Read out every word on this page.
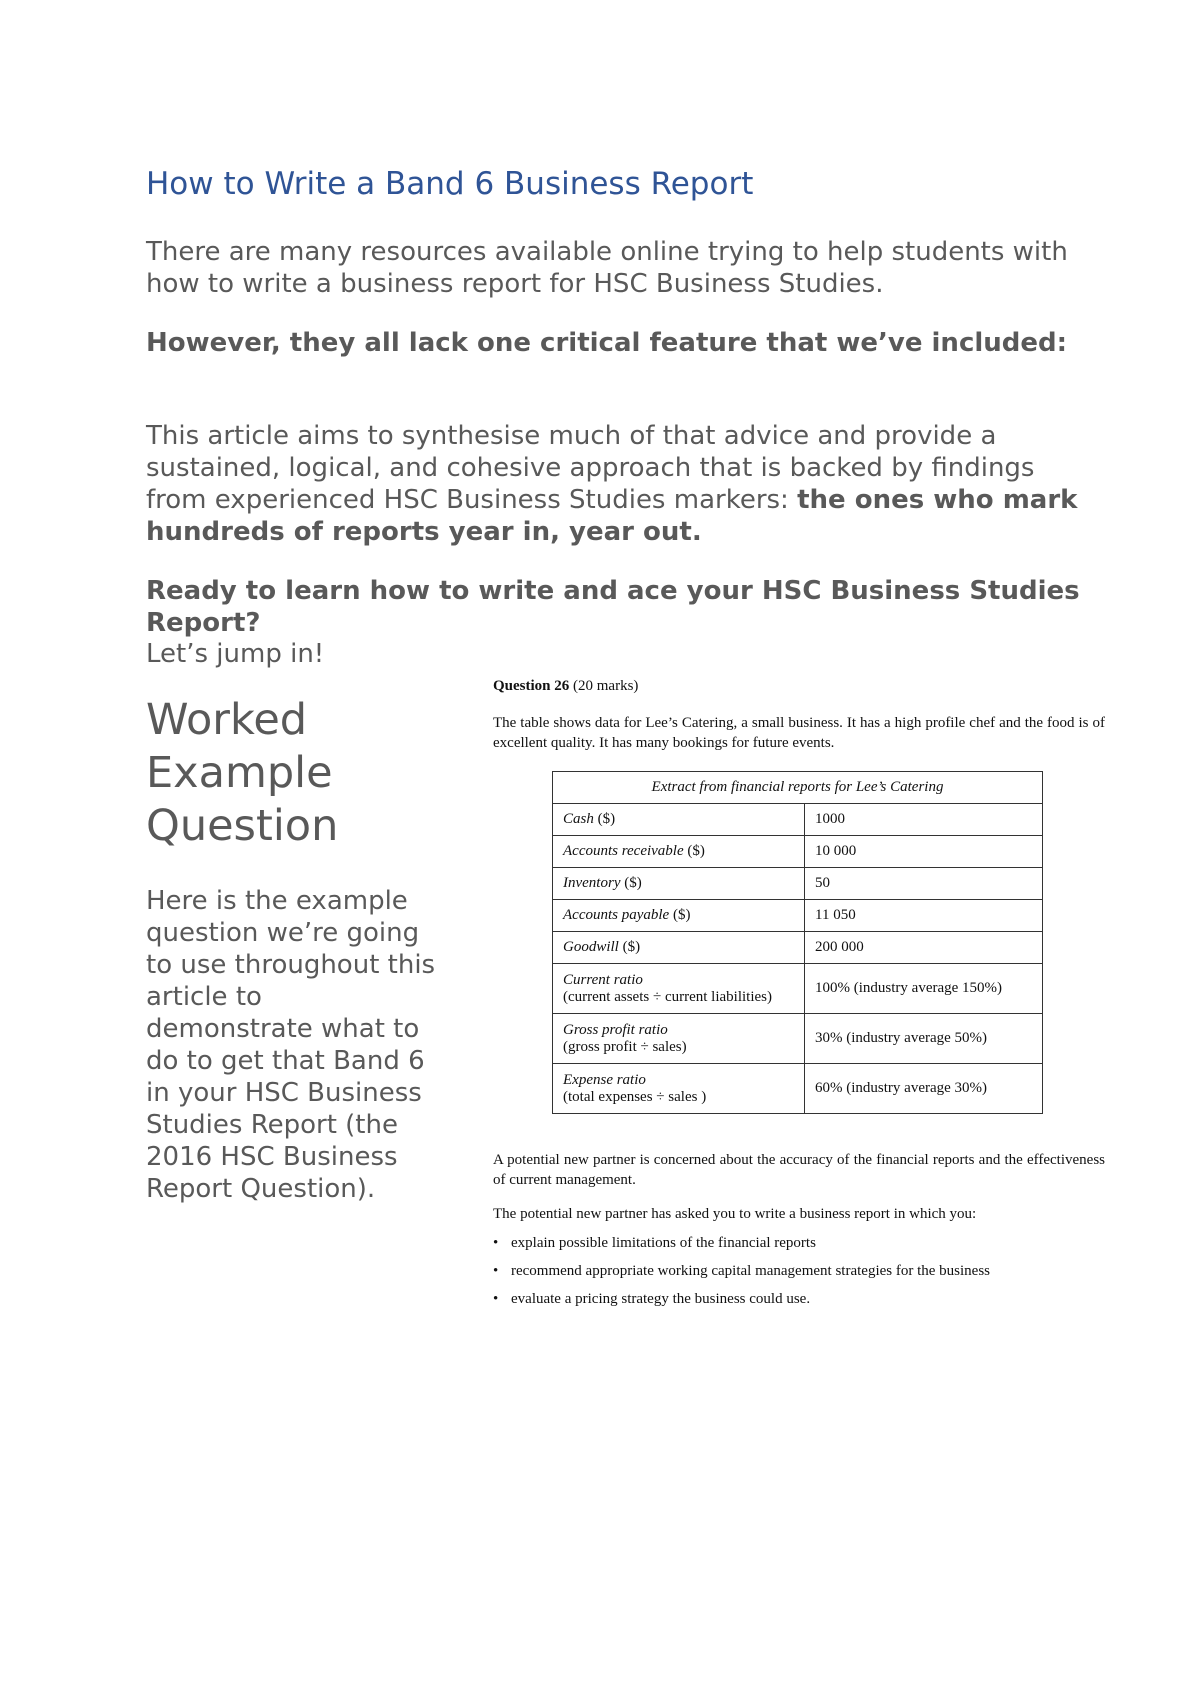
How to Write a Band 6 Business Report

There are many resources available online trying to help students with how to write a business report for HSC Business Studies.

However, they all lack one critical feature that we’ve included:

This article aims to synthesise much of that advice and provide a sustained, logical, and cohesive approach that is backed by findings from experienced HSC Business Studies markers: the ones who mark hundreds of reports year in, year out.

Ready to learn how to write and ace your HSC Business Studies Report?

Let’s jump in!

Worked Example Question
Here is the example question we’re going to use throughout this article to demonstrate what to do to get that Band 6 in your HSC Business Studies Report (the 2016 HSC Business Report Question).

Question 26 (20 marks)

The table shows data for Lee’s Catering, a small business. It has a high profile chef and the food is of excellent quality. It has many bookings for future events.

Extract from financial reports for Lee’s Catering	
Cash ($)	1000
Accounts receivable ($)	10 000
Inventory ($)	50
Accounts payable ($)	11 050
Goodwill ($)	200 000

Current ratio
(current assets ÷ current liabilities)	100% (industry average 150%)

Gross profit ratio
(gross profit ÷ sales)	30% (industry average 50%)

Expense ratio
(total expenses ÷ sales )	60% (industry average 30%)

A potential new partner is concerned about the accuracy of the financial reports and the effectiveness of current management.

The potential new partner has asked you to write a business report in which you:

• explain possible limitations of the financial reports
• recommend appropriate working capital management strategies for the business
• evaluate a pricing strategy the business could use.
